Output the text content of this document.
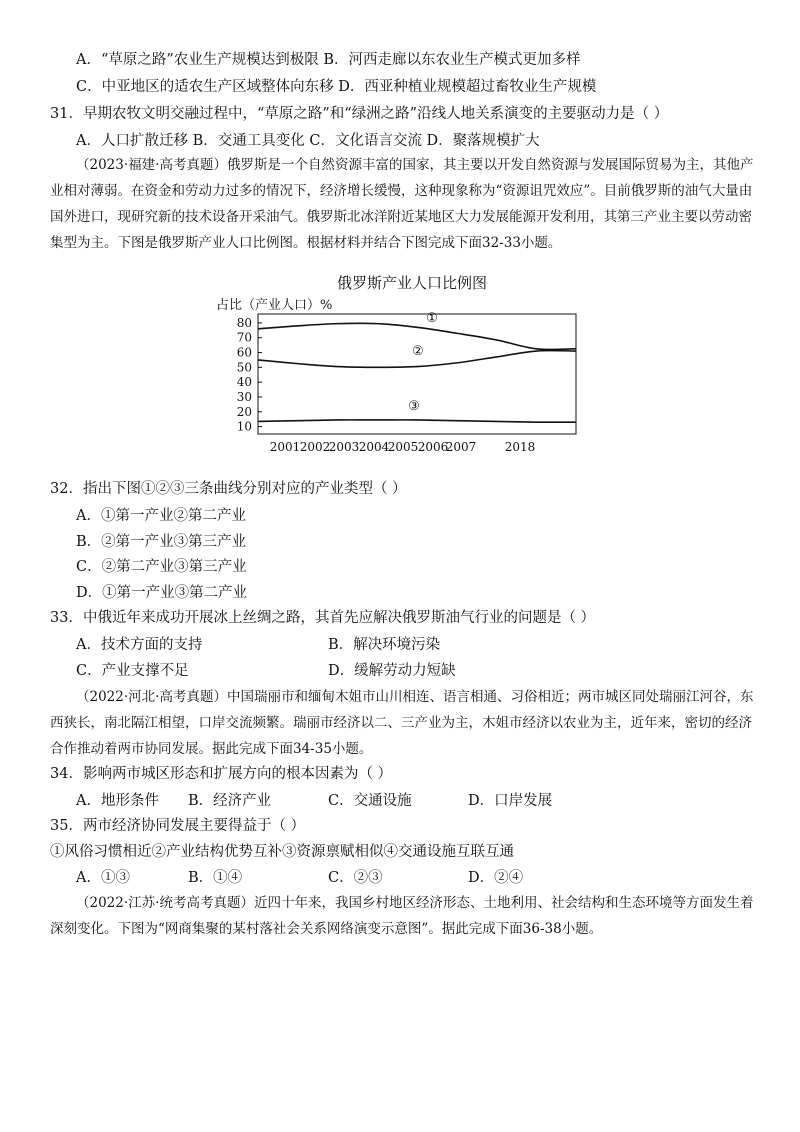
A．“草原之路”农业生产规模达到极限 B．河西走廊以东农业生产模式更加多样
C．中亚地区的适农生产区域整体向东移 D．西亚种植业规模超过畜牧业生产规模
31．早期农牧文明交融过程中，“草原之路”和“绿洲之路”沿线人地关系演变的主要驱动力是（ ）
A．人口扩散迁移 B．交通工具变化 C．文化语言交流 D．聚落规模扩大
（2023·福建·高考真题）俄罗斯是一个自然资源丰富的国家，其主要以开发自然资源与发展国际贸易为主，其他产业相对薄弱。在资金和劳动力过多的情况下，经济增长缓慢，这种现象称为“资源诅咒效应”。目前俄罗斯的油气大量由国外进口，现研究新的技术设备开采油气。俄罗斯北冰洋附近某地区大力发展能源开发利用，其第三产业主要以劳动密集型为主。下图是俄罗斯产业人口比例图。根据材料并结合下图完成下面32-33小题。
俄罗斯产业人口比例图
占比（产业人口）%
10
20
30
40
50
60
70
80
2001 2002
2003 2004
2005 2006
2007 2018
①
②
③
32．指出下图①②③三条曲线分别对应的产业类型（ ）
A．①第一产业②第二产业
B．②第一产业③第三产业
C．②第二产业③第三产业
D．①第一产业③第二产业
33．中俄近年来成功开展冰上丝绸之路，其首先应解决俄罗斯油气行业的问题是（ ）
A．技术方面的支持	B．解决环境污染
C．产业支撑不足	D．缓解劳动力短缺
（2022·河北·高考真题）中国瑞丽市和缅甸木姐市山川相连、语言相通、习俗相近；两市城区同处瑞丽江河谷，东西狭长，南北隔江相望，口岸交流频繁。瑞丽市经济以二、三产业为主，木姐市经济以农业为主，近年来，密切的经济合作推动着两市协同发展。据此完成下面34-35小题。
34．影响两市城区形态和扩展方向的根本因素为（ ）
A．地形条件 B．经济产业	C．交通设施	D．口岸发展
35．两市经济协同发展主要得益于（ ）
①风俗习惯相近②产业结构优势互补③资源禀赋相似④交通设施互联互通
A．①③	B．①④	C．②③	D．②④
（2022·江苏·统考高考真题）近四十年来，我国乡村地区经济形态、土地利用、社会结构和生态环境等方面发生着深刻变化。下图为“网商集聚的某村落社会关系网络演变示意图”。据此完成下面36-38小题。
